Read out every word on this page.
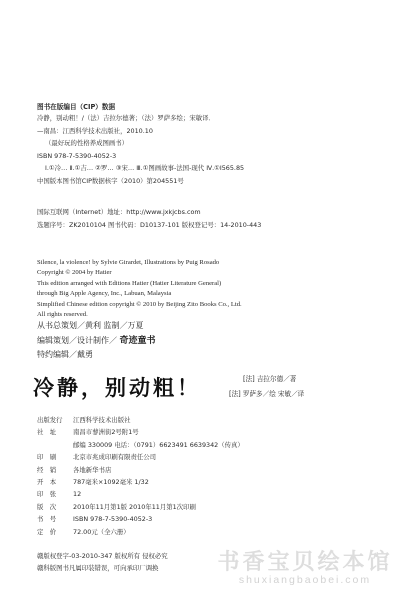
图书在版编目（CIP）数据
冷静，别动粗！/（法）吉拉尔德著；（法）罗萨多绘；宋敏译．
—南昌：江西科学技术出版社，2010.10
（最好玩的性格养成图画书）
ISBN 978-7-5390-4052-3
Ⅰ.①冷… Ⅱ.①吉… ②罗… ③宋… Ⅲ.①图画故事-法国-现代 Ⅳ.①I565.85
中国版本图书馆CIP数据核字（2010）第204551号
国际互联网（Internet）地址：http://www.jxkjcbs.com
选题序号：ZK2010104 图书代码：D10137-101 版权登记号：14-2010-443
Silence, la violence! by Sylvie Girardet, Illustrations by Puig Rosado
Copyright © 2004 by Hatier
This edition arranged with Editions Hatier (Hatier Literature General)
through Big Apple Agency, Inc., Labuan, Malaysia
Simplified Chinese edition copyright © 2010 by Beijing Zito Books Co., Ltd.
All rights reserved.
从书总策划／黄利 监制／万夏
编辑策划／设计制作／ 奇迹童书
特约编辑／戴勇
冷静，别动粗！	[法] 吉拉尔德／著
[法] 罗萨多／绘 宋敏／译
出版发行	江西科学技术出版社
社　址	南昌市蓼洲街2号附1号
邮编 330009 电话：（0791）6623491 6639342（传真）
印　刷	北京市兆成印刷有限责任公司
经　销	各地新华书店
开　本	787毫米×1092毫米 1/32
印　张	12
版　次	2010年11月第1版 2010年11月第1次印刷
书　号	ISBN 978-7-5390-4052-3
定　价	72.00元（全六册）
赣版权登字-03-2010-347 版权所有 侵权必究
赣科版图书凡属印装错误，可向承印厂调换	书香宝贝绘本馆
shuxiangbaobei.com
